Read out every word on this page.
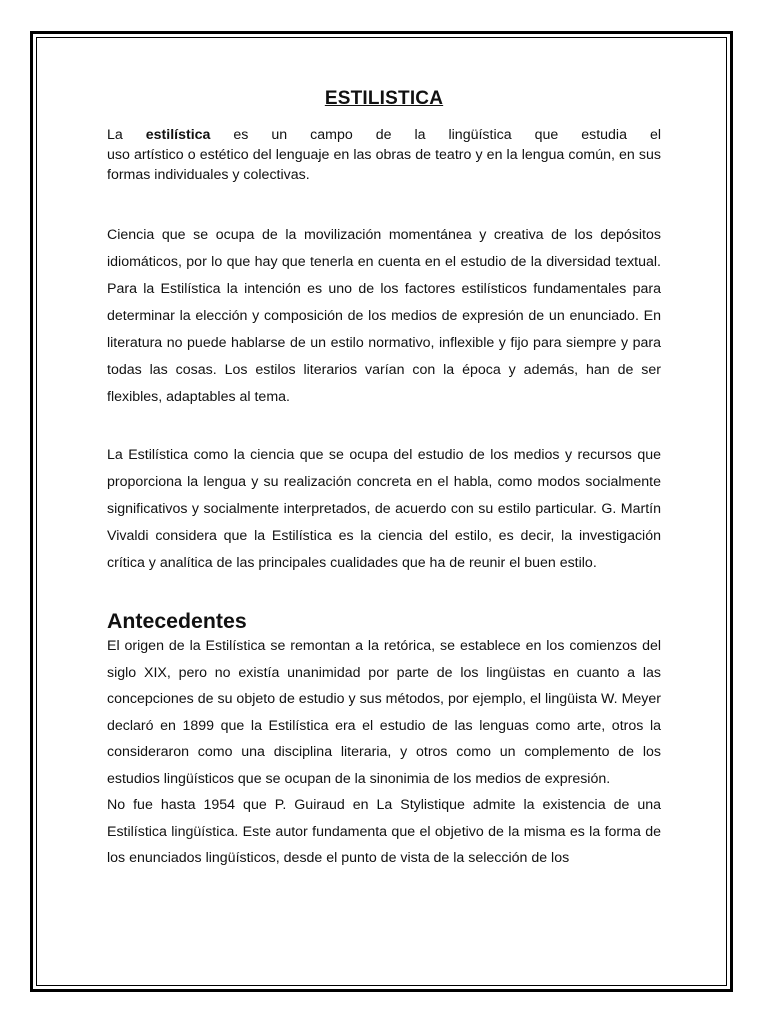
ESTILISTICA

La estilística es un campo de la lingüística que estudia el
uso artístico o estético del lenguaje en las obras de teatro y en la lengua común, en sus formas individuales y colectivas.

Ciencia que se ocupa de la movilización momentánea y creativa de los depósitos idiomáticos, por lo que hay que tenerla en cuenta en el estudio de la diversidad textual. Para la Estilística la intención es uno de los factores estilísticos fundamentales para determinar la elección y composición de los medios de expresión de un enunciado. En literatura no puede hablarse de un estilo normativo, inflexible y fijo para siempre y para todas las cosas. Los estilos literarios varían con la época y además, han de ser flexibles, adaptables al tema.

La Estilística como la ciencia que se ocupa del estudio de los medios y recursos que proporciona la lengua y su realización concreta en el habla, como modos socialmente significativos y socialmente interpretados, de acuerdo con su estilo particular. G. Martín Vivaldi considera que la Estilística es la ciencia del estilo, es decir, la investigación crítica y analítica de las principales cualidades que ha de reunir el buen estilo.

Antecedentes

El origen de la Estilística se remontan a la retórica, se establece en los comienzos del siglo XIX, pero no existía unanimidad por parte de los lingüistas en cuanto a las concepciones de su objeto de estudio y sus métodos, por ejemplo, el lingüista W. Meyer declaró en 1899 que la Estilística era el estudio de las lenguas como arte, otros la consideraron como una disciplina literaria, y otros como un complemento de los estudios lingüísticos que se ocupan de la sinonimia de los medios de expresión.

No fue hasta 1954 que P. Guiraud en La Stylistique admite la existencia de una Estilística lingüística. Este autor fundamenta que el objetivo de la misma es la forma de los enunciados lingüísticos, desde el punto de vista de la selección de los
